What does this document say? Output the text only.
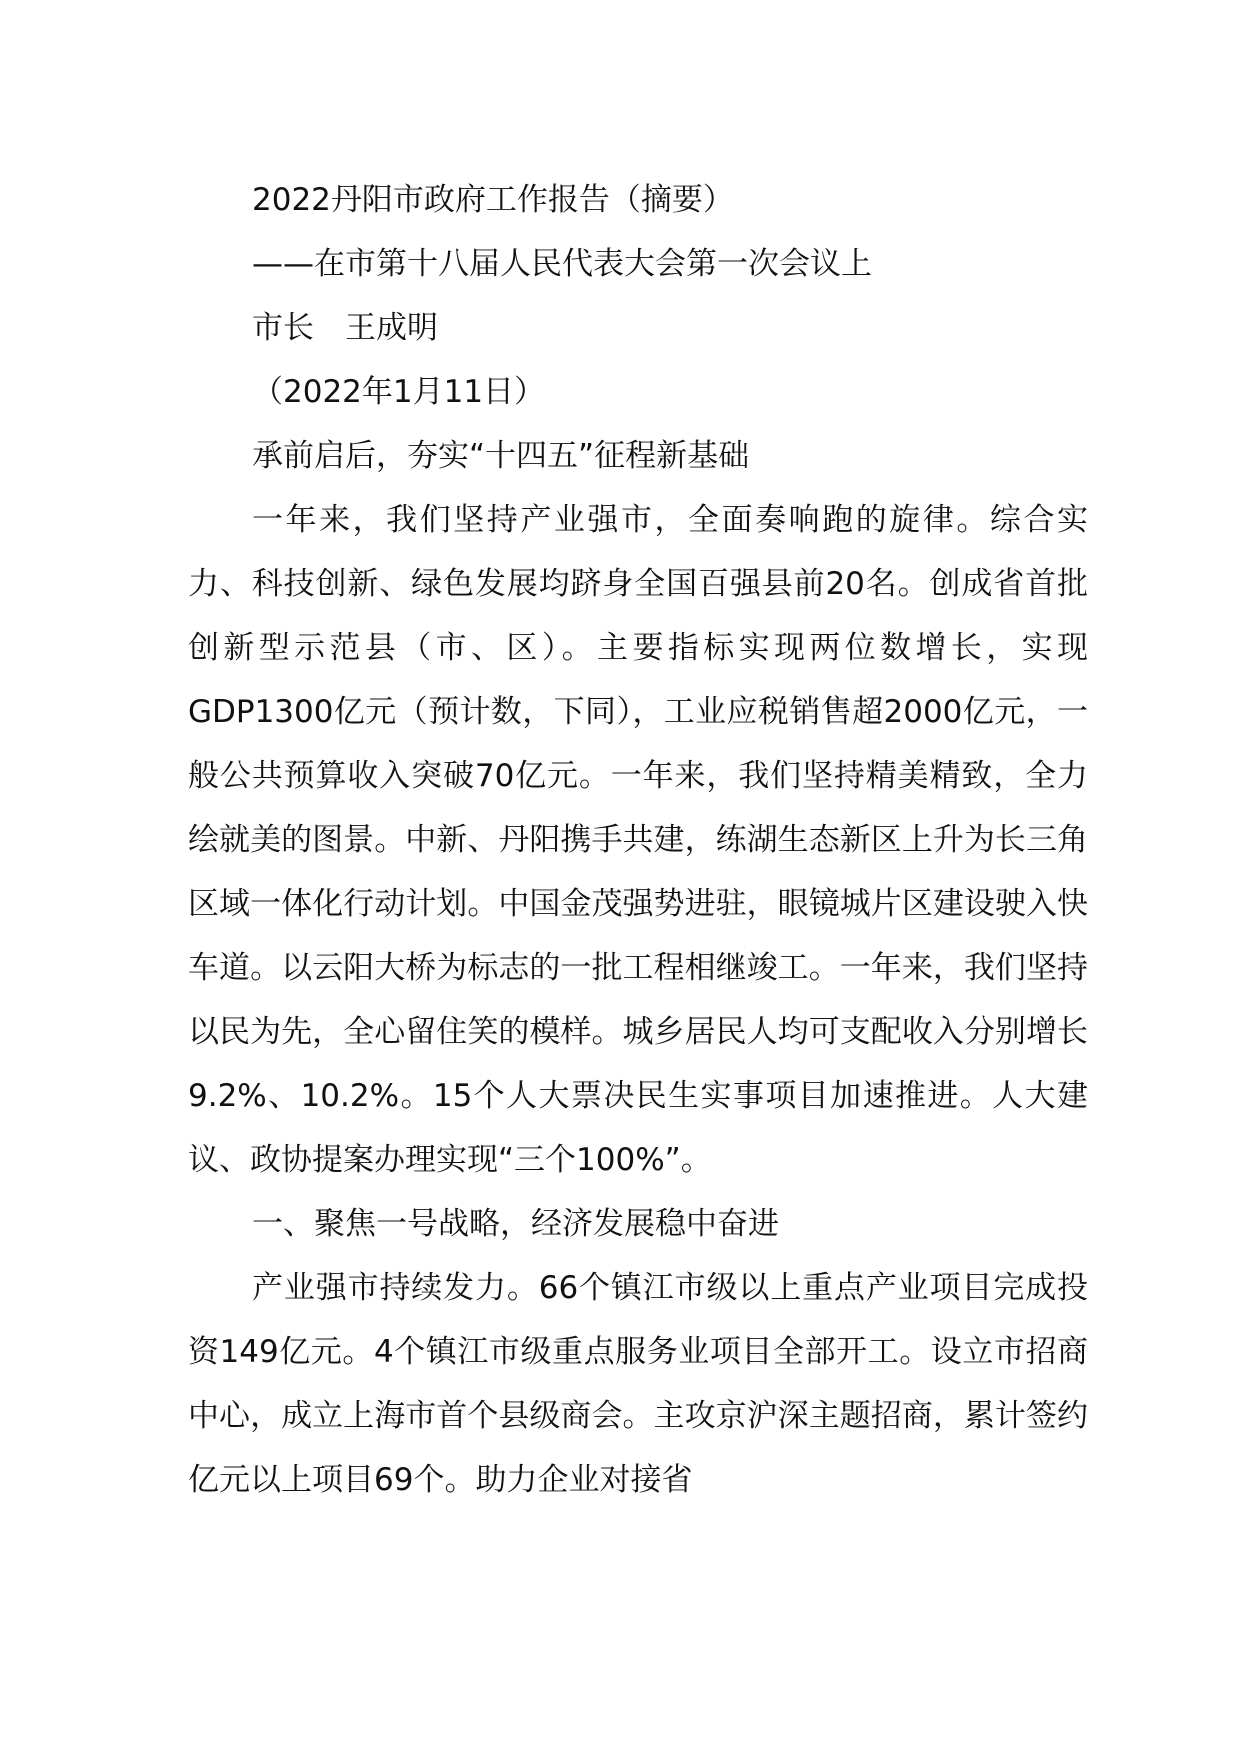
2022丹阳市政府工作报告（摘要）

——在市第十八届人民代表大会第一次会议上

市长　王成明

（2022年1月11日）

承前启后，夯实“十四五”征程新基础

一年来，我们坚持产业强市，全面奏响跑的旋律。综合实力、科技创新、绿色发展均跻身全国百强县前20名。创成省首批创新型示范县（市、区）。主要指标实现两位数增长，实现GDP1300亿元（预计数，下同），工业应税销售超2000亿元，一般公共预算收入突破70亿元。一年来，我们坚持精美精致，全力绘就美的图景。中新、丹阳携手共建，练湖生态新区上升为长三角区域一体化行动计划。中国金茂强势进驻，眼镜城片区建设驶入快车道。以云阳大桥为标志的一批工程相继竣工。一年来，我们坚持以民为先，全心留住笑的模样。城乡居民人均可支配收入分别增长9.2%、10.2%。15个人大票决民生实事项目加速推进。人大建议、政协提案办理实现“三个100%”。

一、聚焦一号战略，经济发展稳中奋进

产业强市持续发力。66个镇江市级以上重点产业项目完成投资149亿元。4个镇江市级重点服务业项目全部开工。设立市招商中心，成立上海市首个县级商会。主攻京沪深主题招商，累计签约亿元以上项目69个。助力企业对接省
